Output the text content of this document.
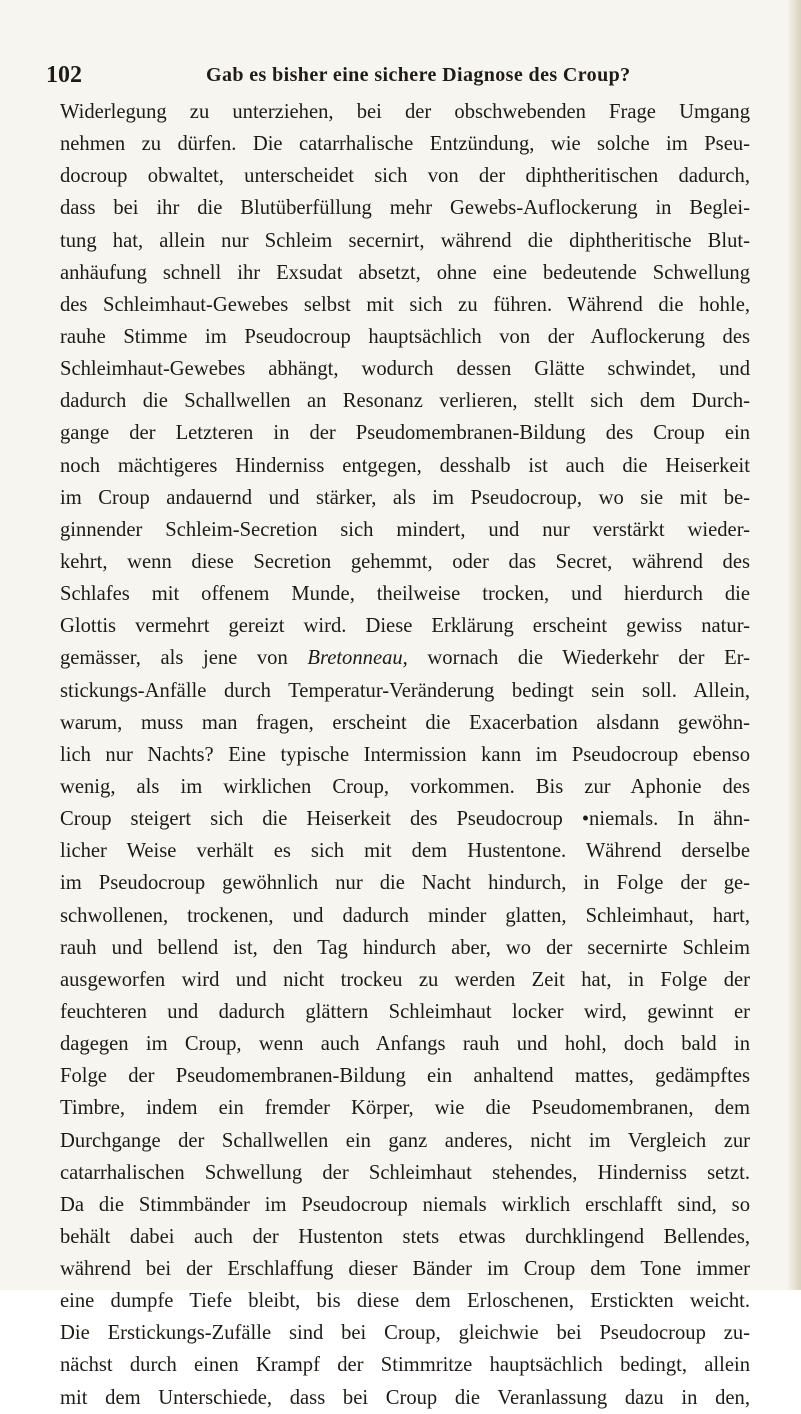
102	Gab es bisher eine sichere Diagnose des Croup?
Widerlegung zu unterziehen, bei der obschwebenden Frage Umgang
nehmen zu dürfen. Die catarrhalische Entzündung, wie solche im Pseu-
docroup obwaltet, unterscheidet sich von der diphtheritischen dadurch,
dass bei ihr die Blutüberfüllung mehr Gewebs-Auflockerung in Beglei-
tung hat, allein nur Schleim secernirt, während die diphtheritische Blut-
anhäufung schnell ihr Exsudat absetzt, ohne eine bedeutende Schwellung
des Schleimhaut-Gewebes selbst mit sich zu führen. Während die hohle,
rauhe Stimme im Pseudocroup hauptsächlich von der Auflockerung des
Schleimhaut-Gewebes abhängt, wodurch dessen Glätte schwindet, und
dadurch die Schallwellen an Resonanz verlieren, stellt sich dem Durch-
gange der Letzteren in der Pseudomembranen-Bildung des Croup ein
noch mächtigeres Hinderniss entgegen, desshalb ist auch die Heiserkeit
im Croup andauernd und stärker, als im Pseudocroup, wo sie mit be-
ginnender Schleim-Secretion sich mindert, und nur verstärkt wieder-
kehrt, wenn diese Secretion gehemmt, oder das Secret, während des
Schlafes mit offenem Munde, theilweise trocken, und hierdurch die
Glottis vermehrt gereizt wird. Diese Erklärung erscheint gewiss natur-
gemässer, als jene von Bretonneau, wornach die Wiederkehr der Er-
stickungs-Anfälle durch Temperatur-Veränderung bedingt sein soll. Allein,
warum, muss man fragen, erscheint die Exacerbation alsdann gewöhn-
lich nur Nachts? Eine typische Intermission kann im Pseudocroup ebenso
wenig, als im wirklichen Croup, vorkommen. Bis zur Aphonie des
Croup steigert sich die Heiserkeit des Pseudocroup •niemals. In ähn-
licher Weise verhält es sich mit dem Hustentone. Während derselbe
im Pseudocroup gewöhnlich nur die Nacht hindurch, in Folge der ge-
schwollenen, trockenen, und dadurch minder glatten, Schleimhaut, hart,
rauh und bellend ist, den Tag hindurch aber, wo der secernirte Schleim
ausgeworfen wird und nicht trockeu zu werden Zeit hat, in Folge der
feuchteren und dadurch glättern Schleimhaut locker wird, gewinnt er
dagegen im Croup, wenn auch Anfangs rauh und hohl, doch bald in
Folge der Pseudomembranen-Bildung ein anhaltend mattes, gedämpftes
Timbre, indem ein fremder Körper, wie die Pseudomembranen, dem
Durchgange der Schallwellen ein ganz anderes, nicht im Vergleich zur
catarrhalischen Schwellung der Schleimhaut stehendes, Hinderniss setzt.
Da die Stimmbänder im Pseudocroup niemals wirklich erschlafft sind, so
behält dabei auch der Hustenton stets etwas durchklingend Bellendes,
während bei der Erschlaffung dieser Bänder im Croup dem Tone immer
eine dumpfe Tiefe bleibt, bis diese dem Erloschenen, Erstickten weicht.
Die Erstickungs-Zufälle sind bei Croup, gleichwie bei Pseudocroup zu-
nächst durch einen Krampf der Stimmritze hauptsächlich bedingt, allein
mit dem Unterschiede, dass bei Croup die Veranlassung dazu in den,
